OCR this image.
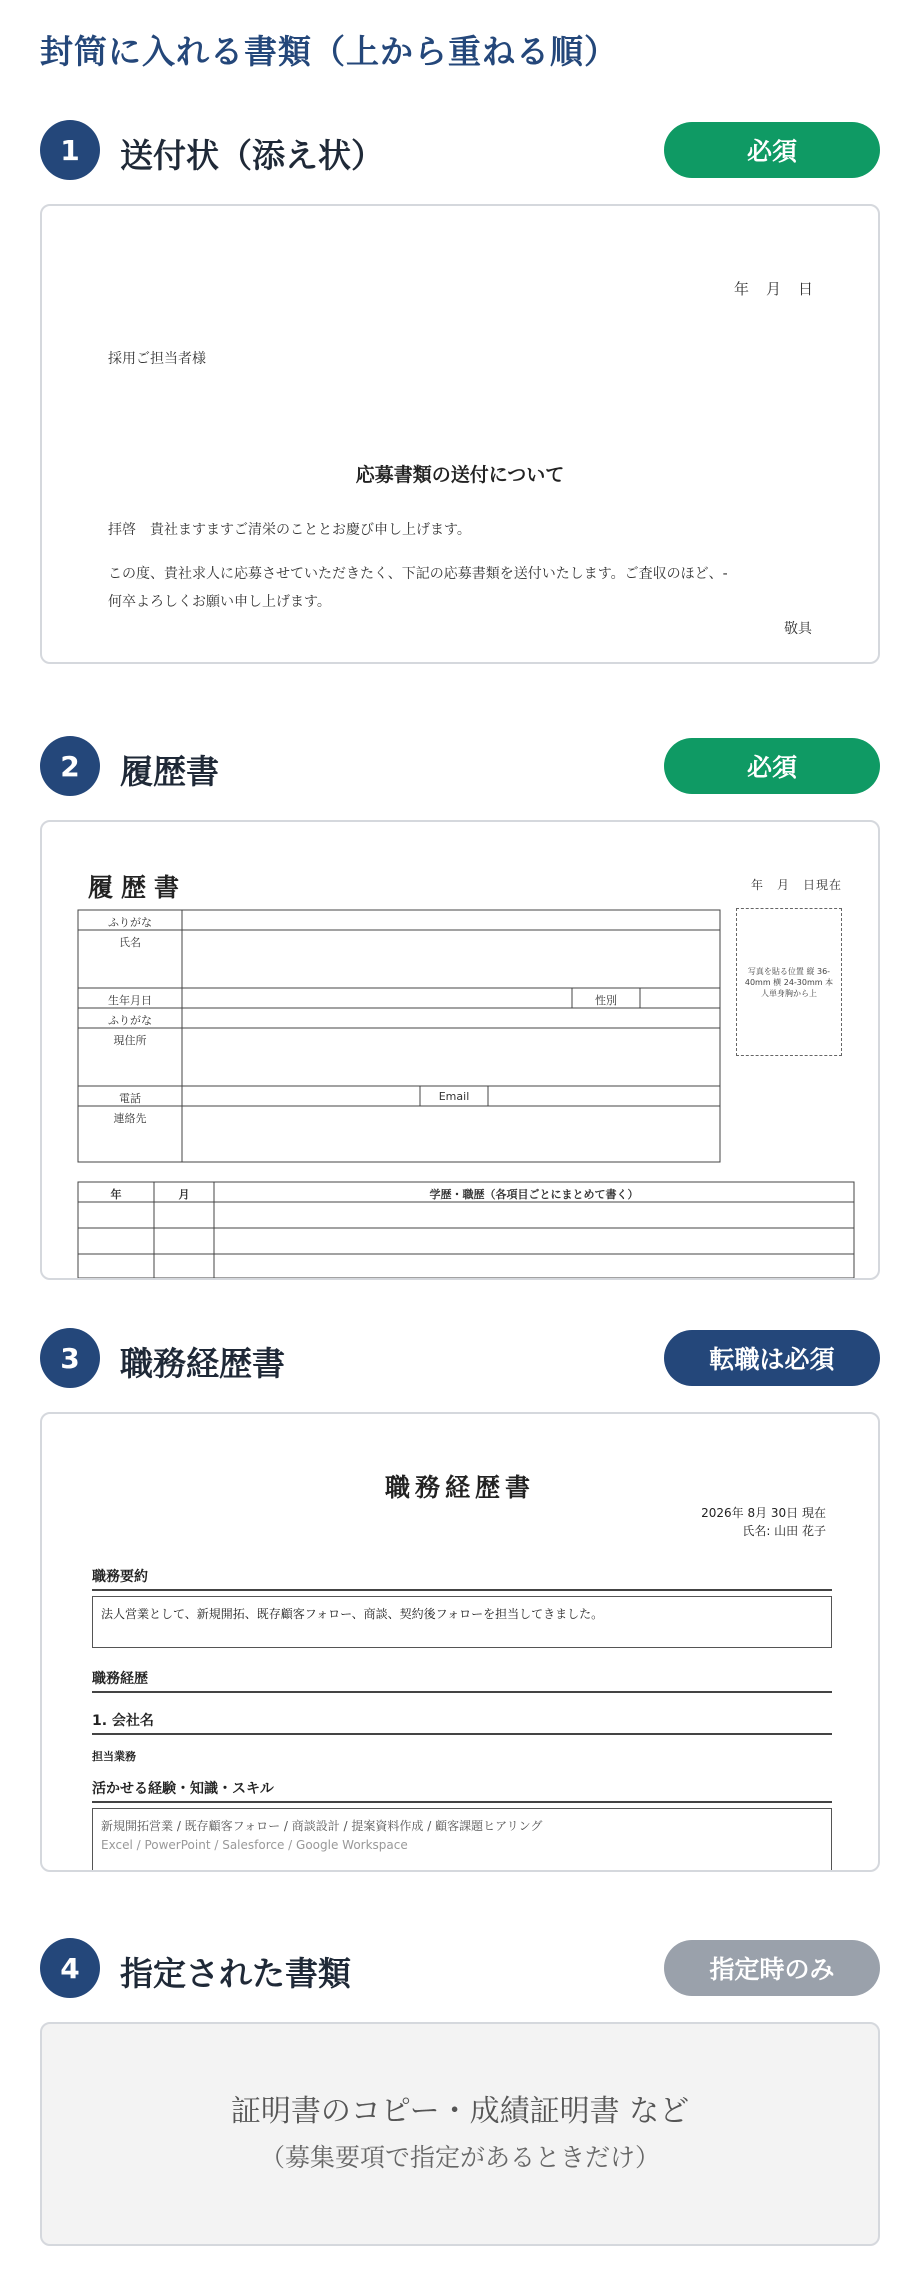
封筒に入れる書類（上から重ねる順）
1	送付状（添え状）	必須
年　月　日
採用ご担当者様
応募書類の送付について
拝啓　貴社ますますご清栄のこととお慶び申し上げます。
この度、貴社求人に応募させていただきたく、下記の応募書類を送付いたします。ご査収のほど、-
何卒よろしくお願い申し上げます。
敬具
2	履歴書	必須
履歴書	年　月　日現在
写真を貼る位置 縦 36-40mm 横 24-30mm 本人単身胸から上
ふりがな
氏名
生年月日	性別
ふりがな
現住所
電話	Email
連絡先
年	月	学歴・職歴（各項目ごとにまとめて書く）
3	職務経歴書	転職は必須
職務経歴書
2026年 8月 30日 現在
氏名: 山田 花子
職務要約
法人営業として、新規開拓、既存顧客フォロー、商談、契約後フォローを担当してきました。
職務経歴
1. 会社名
担当業務
活かせる経験・知識・スキル
新規開拓営業 / 既存顧客フォロー / 商談設計 / 提案資料作成 / 顧客課題ヒアリング
Excel / PowerPoint / Salesforce / Google Workspace
4	指定された書類	指定時のみ
証明書のコピー・成績証明書 など
（募集要項で指定があるときだけ）
